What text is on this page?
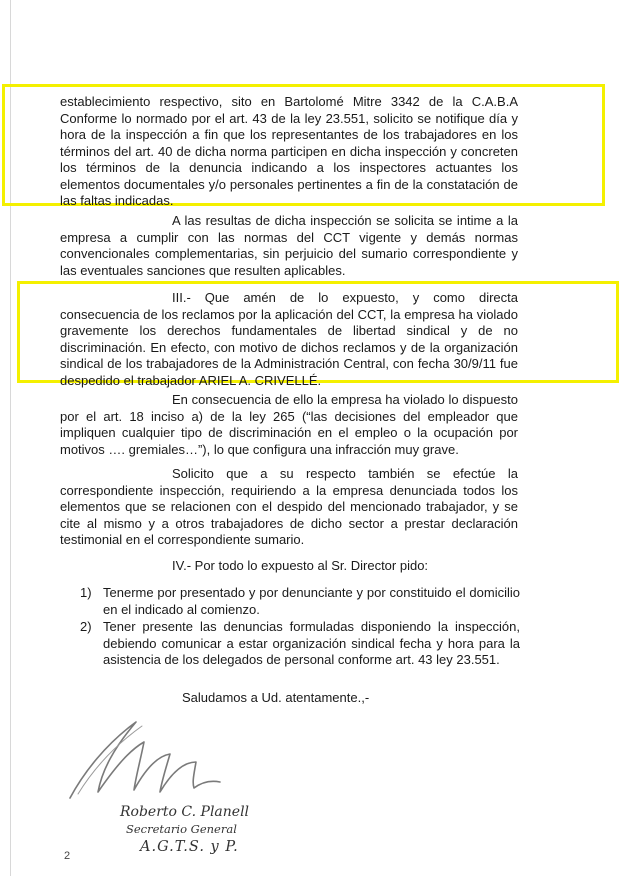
establecimiento respectivo, sito en Bartolomé Mitre 3342 de la C.A.B.A Conforme lo normado por el art. 43 de la ley 23.551, solicito se notifique día y hora de la inspección a fin que los representantes de los trabajadores en los términos del art. 40 de dicha norma participen en dicha inspección y concreten los términos de la denuncia indicando a los inspectores actuantes los elementos documentales y/o personales pertinentes a fin de la constatación de las faltas indicadas.

A las resultas de dicha inspección se solicita se intime a la empresa a cumplir con las normas del CCT vigente y demás normas convencionales complementarias, sin perjuicio del sumario correspondiente y las eventuales sanciones que resulten aplicables.

III.- Que amén de lo expuesto, y como directa consecuencia de los reclamos por la aplicación del CCT, la empresa ha violado gravemente los derechos fundamentales de libertad sindical y de no discriminación. En efecto, con motivo de dichos reclamos y de la organización sindical de los trabajadores de la Administración Central, con fecha 30/9/11 fue despedido el trabajador ARIEL A. CRIVELLÉ.

En consecuencia de ello la empresa ha violado lo dispuesto por el art. 18 inciso a) de la ley 265 (“las decisiones del empleador que impliquen cualquier tipo de discriminación en el empleo o la ocupación por motivos …. gremiales…”), lo que configura una infracción muy grave.

Solicito que a su respecto también se efectúe la correspondiente inspección, requiriendo a la empresa denunciada todos los elementos que se relacionen con el despido del mencionado trabajador, y se cite al mismo y a otros trabajadores de dicho sector a prestar declaración testimonial en el correspondiente sumario.

IV.- Por todo lo expuesto al Sr. Director pido:

1) Tenerme por presentado y por denunciante y por constituido el domicilio en el indicado al comienzo.
2) Tener presente las denuncias formuladas disponiendo la inspección, debiendo comunicar a estar organización sindical fecha y hora para la asistencia de los delegados de personal conforme art. 43 ley 23.551.

Saludamos a Ud. atentamente.,-

Roberto C. Planell
Secretario General
A.G.T.S. y P.
2
